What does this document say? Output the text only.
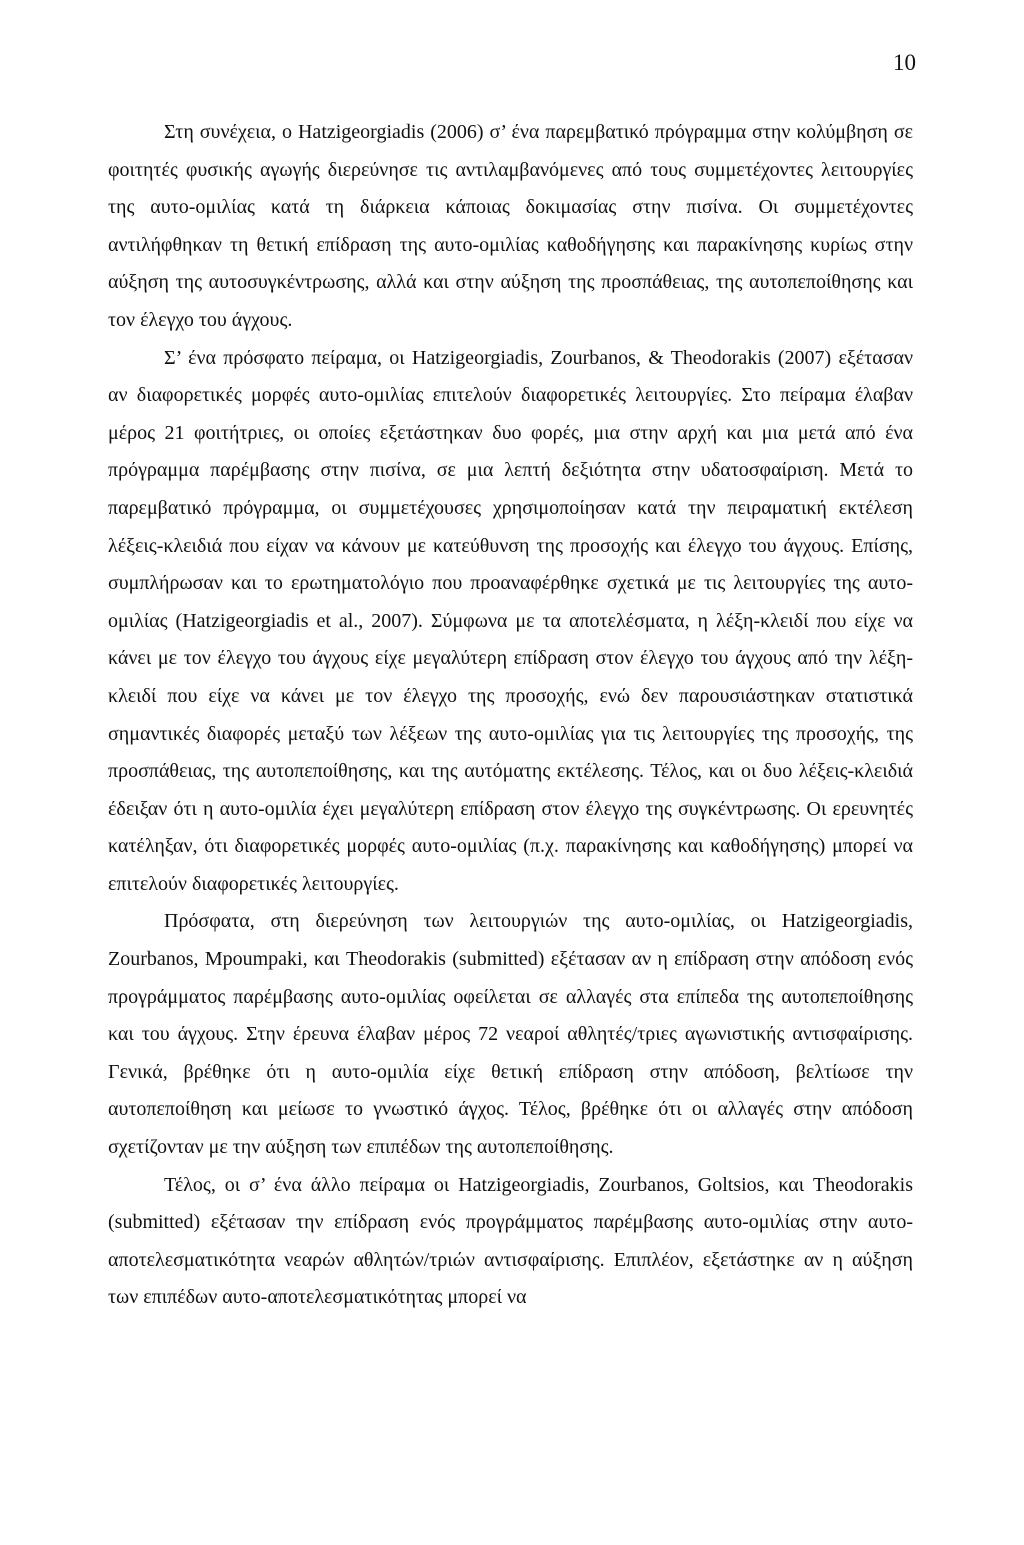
10

Στη συνέχεια, ο Hatzigeorgiadis (2006) σ’ ένα παρεμβατικό πρόγραμμα στην κολύμβηση σε φοιτητές φυσικής αγωγής διερεύνησε τις αντιλαμβανόμενες από τους συμμετέχοντες λειτουργίες της αυτο-ομιλίας κατά τη διάρκεια κάποιας δοκιμασίας στην πισίνα. Οι συμμετέχοντες αντιλήφθηκαν τη θετική επίδραση της αυτο-ομιλίας καθοδήγησης και παρακίνησης κυρίως στην αύξηση της αυτοσυγκέντρωσης, αλλά και στην αύξηση της προσπάθειας, της αυτοπεποίθησης και τον έλεγχο του άγχους.

Σ’ ένα πρόσφατο πείραμα, οι Hatzigeorgiadis, Zourbanos, & Theodorakis (2007) εξέτασαν αν διαφορετικές μορφές αυτο-ομιλίας επιτελούν διαφορετικές λειτουργίες. Στο πείραμα έλαβαν μέρος 21 φοιτήτριες, οι οποίες εξετάστηκαν δυο φορές, μια στην αρχή και μια μετά από ένα πρόγραμμα παρέμβασης στην πισίνα, σε μια λεπτή δεξιότητα στην υδατοσφαίριση. Μετά το παρεμβατικό πρόγραμμα, οι συμμετέχουσες χρησιμοποίησαν κατά την πειραματική εκτέλεση λέξεις-κλειδιά που είχαν να κάνουν με κατεύθυνση της προσοχής και έλεγχο του άγχους. Επίσης, συμπλήρωσαν και το ερωτηματολόγιο που προαναφέρθηκε σχετικά με τις λειτουργίες της αυτο-ομιλίας (Hatzigeorgiadis et al., 2007). Σύμφωνα με τα αποτελέσματα, η λέξη-κλειδί που είχε να κάνει με τον έλεγχο του άγχους είχε μεγαλύτερη επίδραση στον έλεγχο του άγχους από την λέξη-κλειδί που είχε να κάνει με τον έλεγχο της προσοχής, ενώ δεν παρουσιάστηκαν στατιστικά σημαντικές διαφορές μεταξύ των λέξεων της αυτο-ομιλίας για τις λειτουργίες της προσοχής, της προσπάθειας, της αυτοπεποίθησης, και της αυτόματης εκτέλεσης. Τέλος, και οι δυο λέξεις-κλειδιά έδειξαν ότι η αυτο-ομιλία έχει μεγαλύτερη επίδραση στον έλεγχο της συγκέντρωσης. Οι ερευνητές κατέληξαν, ότι διαφορετικές μορφές αυτο-ομιλίας (π.χ. παρακίνησης και καθοδήγησης) μπορεί να επιτελούν διαφορετικές λειτουργίες.

Πρόσφατα, στη διερεύνηση των λειτουργιών της αυτο-ομιλίας, οι Hatzigeorgiadis, Zourbanos, Mpoumpaki, και Theodorakis (submitted) εξέτασαν αν η επίδραση στην απόδοση ενός προγράμματος παρέμβασης αυτο-ομιλίας οφείλεται σε αλλαγές στα επίπεδα της αυτοπεποίθησης και του άγχους. Στην έρευνα έλαβαν μέρος 72 νεαροί αθλητές/τριες αγωνιστικής αντισφαίρισης. Γενικά, βρέθηκε ότι η αυτο-ομιλία είχε θετική επίδραση στην απόδοση, βελτίωσε την αυτοπεποίθηση και μείωσε το γνωστικό άγχος. Τέλος, βρέθηκε ότι οι αλλαγές στην απόδοση σχετίζονταν με την αύξηση των επιπέδων της αυτοπεποίθησης.

Τέλος, οι σ’ ένα άλλο πείραμα οι Hatzigeorgiadis, Zourbanos, Goltsios, και Theodorakis (submitted) εξέτασαν την επίδραση ενός προγράμματος παρέμβασης αυτο-ομιλίας στην αυτο-αποτελεσματικότητα νεαρών αθλητών/τριών αντισφαίρισης. Επιπλέον, εξετάστηκε αν η αύξηση των επιπέδων αυτο-αποτελεσματικότητας μπορεί να
